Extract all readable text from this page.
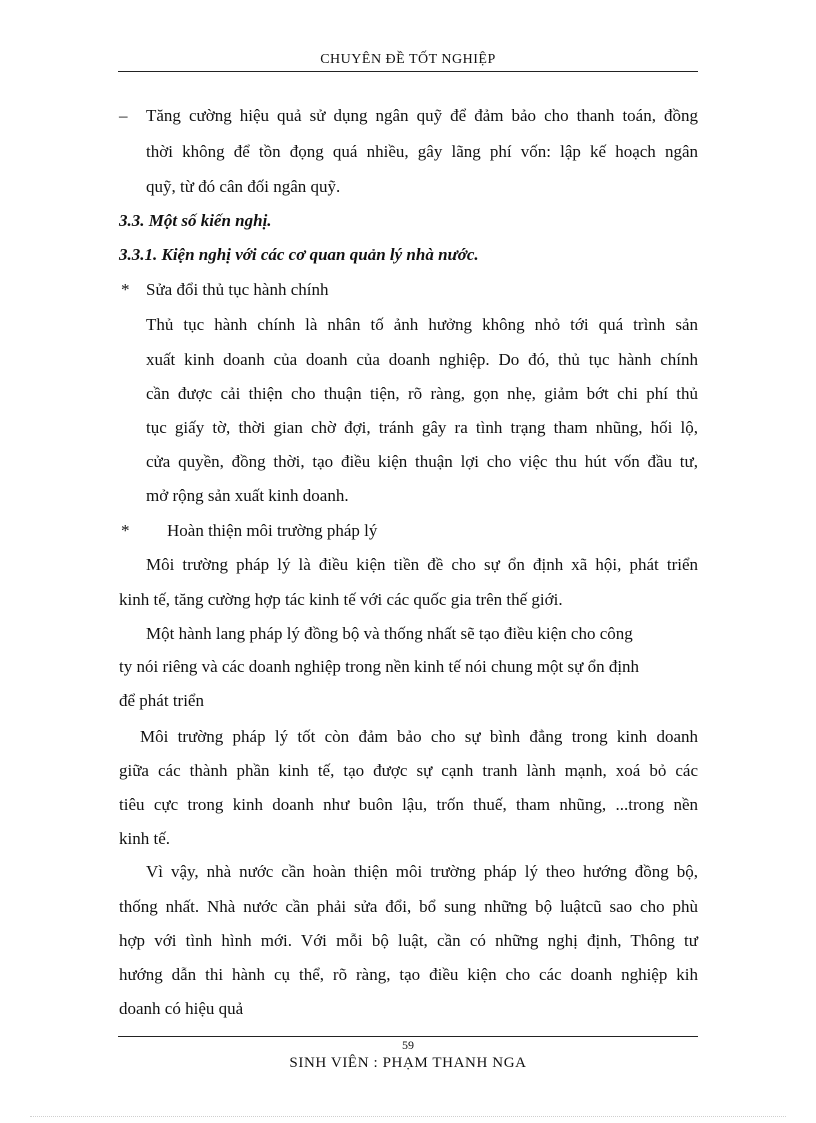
CHUYÊN ĐỀ TỐT NGHIỆP
– Tăng cường hiệu quả sử dụng ngân quỹ để đảm bảo cho thanh toán, đồng
thời không để tồn đọng quá nhiều, gây lãng phí vốn: lập kế hoạch ngân
quỹ, từ đó cân đối ngân quỹ.
3.3. Một số kiến nghị.
3.3.1. Kiện nghị với các cơ quan quản lý nhà nước.
* Sửa đổi thủ tục hành chính
Thủ tục hành chính là nhân tố ảnh hưởng không nhỏ tới quá trình sản
xuất kinh doanh của doanh của doanh nghiệp. Do đó, thủ tục hành chính
cần được cải thiện cho thuận tiện, rõ ràng, gọn nhẹ, giảm bớt chi phí thủ
tục giấy tờ, thời gian chờ đợi, tránh gây ra tình trạng tham nhũng, hối lộ,
cửa quyền, đồng thời, tạo điều kiện thuận lợi cho việc thu hút vốn đầu tư,
mở rộng sản xuất kinh doanh.
* Hoàn thiện môi trường pháp lý
Môi trường pháp lý là điều kiện tiền đề cho sự ổn định xã hội, phát triển
kinh tế, tăng cường hợp tác kinh tế với các quốc gia trên thế giới.
Một hành lang pháp lý đồng bộ và thống nhất sẽ tạo điều kiện cho công
ty nói riêng và các doanh nghiệp trong nền kinh tế nói chung một sự ổn định
để phát triển
Môi trường pháp lý tốt còn đảm bảo cho sự bình đẳng trong kinh doanh
giữa các thành phần kinh tế, tạo được sự cạnh tranh lành mạnh, xoá bỏ các
tiêu cực trong kinh doanh như buôn lậu, trốn thuế, tham nhũng, ...trong nền
kinh tế.
Vì vậy, nhà nước cần hoàn thiện môi trường pháp lý theo hướng đồng bộ,
thống nhất. Nhà nước cần phải sửa đổi, bổ sung những bộ luậtcũ sao cho phù
hợp với tình hình mới. Với mỗi bộ luật, cần có những nghị định, Thông tư
hướng dẫn thi hành cụ thể, rõ ràng, tạo điều kiện cho các doanh nghiệp kih
doanh có hiệu quả
59
SINH VIÊN : PHẠM THANH NGA
